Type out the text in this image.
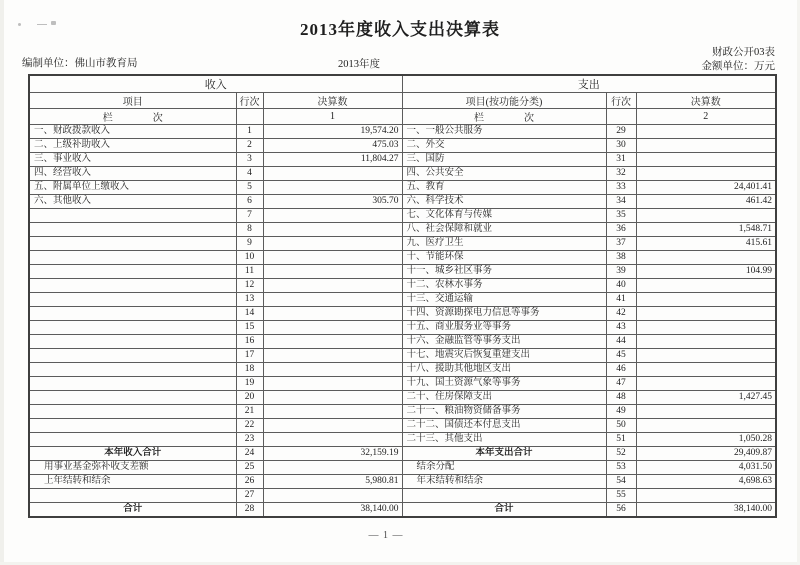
2013年度收入支出决算表
编制单位：佛山市教育局	2013年度
财政公开03表
金额单位：万元
收入			支出		
项目	行次	决算数	项目(按功能分类)	行次	决算数
栏　　　　次		1	栏　　　　次		2
一、财政拨款收入	1	19,574.20	一、一般公共服务	29	
二、上级补助收入	2	475.03	二、外交	30	
三、事业收入	3	11,804.27	三、国防	31	
四、经营收入	4		四、公共安全	32	
五、附属单位上缴收入	5		五、教育	33	24,401.41
六、其他收入	6	305.70	六、科学技术	34	461.42
	7		七、文化体育与传媒	35	
	8		八、社会保障和就业	36	1,548.71
	9		九、医疗卫生	37	415.61
	10		十、节能环保	38	
	11		十一、城乡社区事务	39	104.99
	12		十二、农林水事务	40	
	13		十三、交通运输	41	
	14		十四、资源勘探电力信息等事务	42	
	15		十五、商业服务业等事务	43	
	16		十六、金融监管等事务支出	44	
	17		十七、地震灾后恢复重建支出	45	
	18		十八、援助其他地区支出	46	
	19		十九、国土资源气象等事务	47	
	20		二十、住房保障支出	48	1,427.45
	21		二十一、粮油物资储备事务	49	
	22		二十二、国债还本付息支出	50	
	23		二十三、其他支出	51	1,050.28
本年收入合计	24	32,159.19	本年支出合计	52	29,409.87
用事业基金弥补收支差额	25		结余分配	53	4,031.50
上年结转和结余	26	5,980.81	年末结转和结余	54	4,698.63
	27			55	
合计	28	38,140.00	合计	56	38,140.00
— 1 —
